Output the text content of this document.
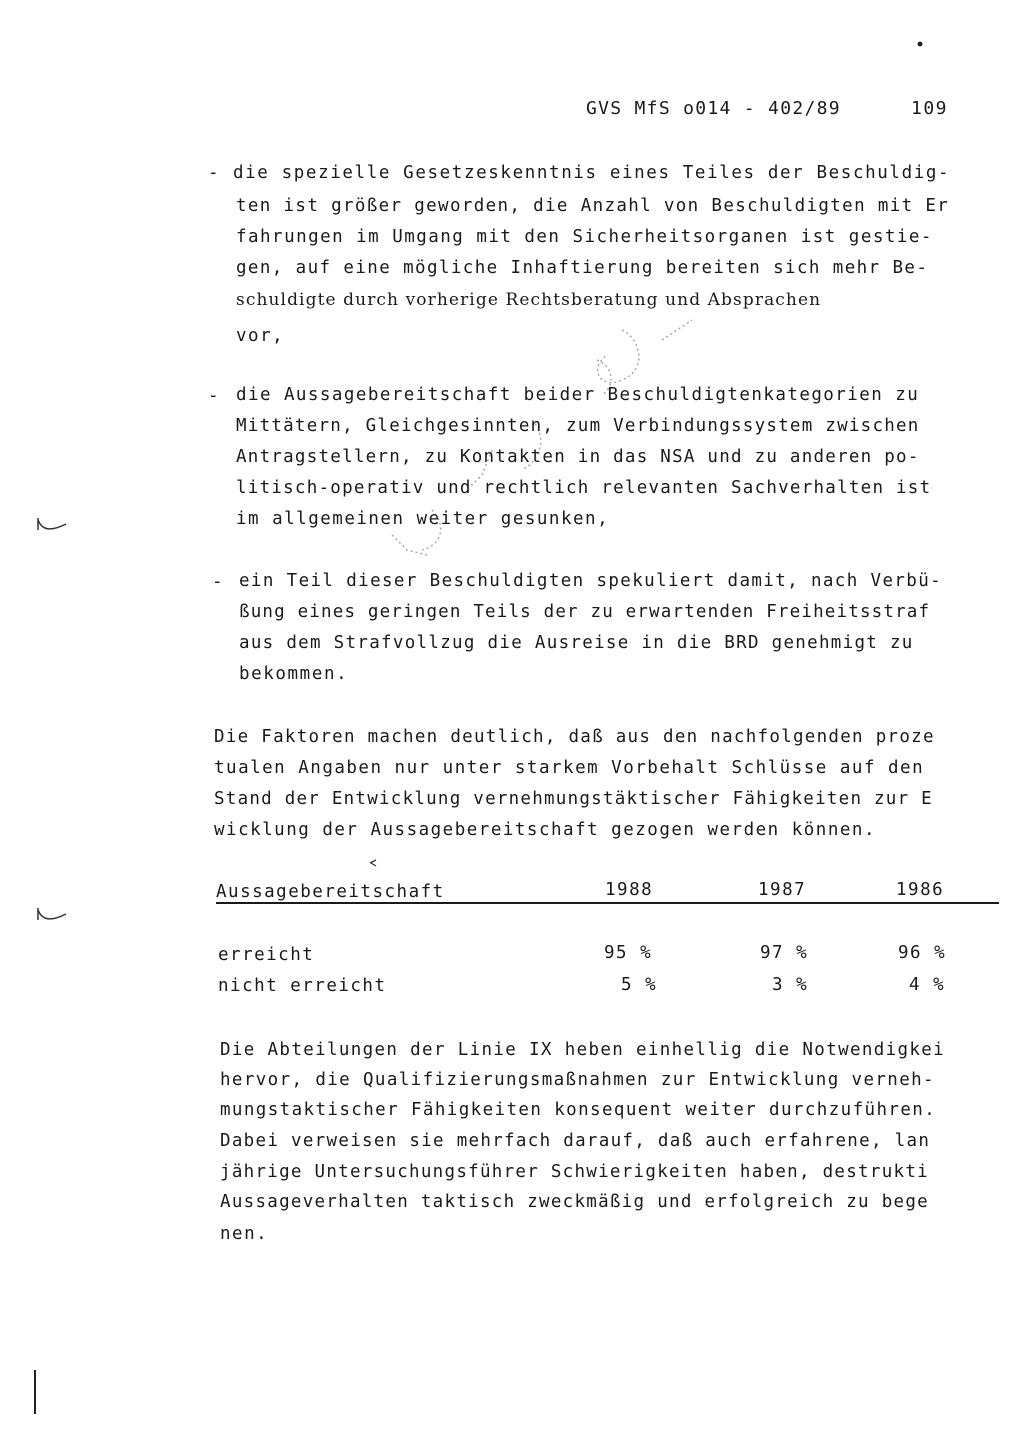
GVS MfS o014 - 402/89	109
- die spezielle Gesetzeskenntnis eines Teiles der Beschuldig-
ten ist größer geworden, die Anzahl von Beschuldigten mit Er
fahrungen im Umgang mit den Sicherheitsorganen ist gestie-
gen, auf eine mögliche Inhaftierung bereiten sich mehr Be-
schuldigte durch vorherige Rechtsberatung und Absprachen
vor,
- die Aussagebereitschaft beider Beschuldigtenkategorien zu
Mittätern, Gleichgesinnten, zum Verbindungssystem zwischen
Antragstellern, zu Kontakten in das NSA und zu anderen po-
litisch-operativ und rechtlich relevanten Sachverhalten ist
im allgemeinen weiter gesunken,
- ein Teil dieser Beschuldigten spekuliert damit, nach Verbü-
ßung eines geringen Teils der zu erwartenden Freiheitsstraf
aus dem Strafvollzug die Ausreise in die BRD genehmigt zu
bekommen.
Die Faktoren machen deutlich, daß aus den nachfolgenden proze
tualen Angaben nur unter starkem Vorbehalt Schlüsse auf den
Stand der Entwicklung vernehmungstäktischer Fähigkeiten zur E
wicklung der Aussagebereitschaft gezogen werden können.
Aussagebereitschaft	1988	1987	1986
erreicht	95 %	97 %	96 %
nicht erreicht	5 %	3 %	4 %
Die Abteilungen der Linie IX heben einhellig die Notwendigkei
hervor, die Qualifizierungsmaßnahmen zur Entwicklung verneh-
mungstaktischer Fähigkeiten konsequent weiter durchzuführen.
Dabei verweisen sie mehrfach darauf, daß auch erfahrene, lan
jährige Untersuchungsführer Schwierigkeiten haben, destrukti
Aussageverhalten taktisch zweckmäßig und erfolgreich zu bege
nen.
